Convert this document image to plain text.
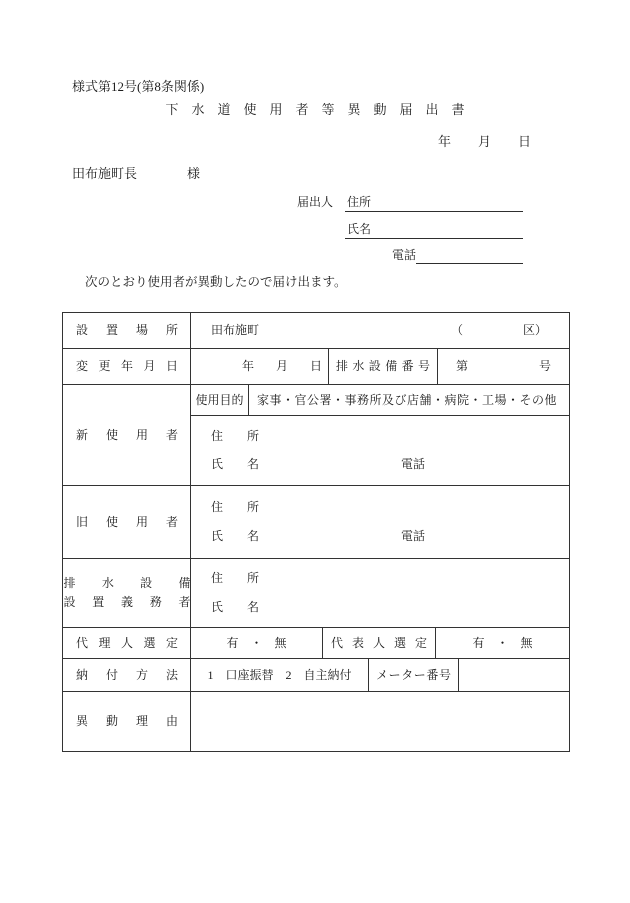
様式第12号(第8条関係)
下　水　道　使　用　者　等　異　動　届　出　書
年 月 日
田布施町長	様
届出人 住所
氏名
電話
次のとおり使用者が異動したので届け出ます。
設置場所	田布施町	（　　　　　区）
変更年月日	年 月 日	排水設備番号	第	号
新使用者
使用目的 家事・官公署・事務所及び店舗・病院・工場・その他
住　　所
氏　　名	電話
旧使用者
住　　所
氏　　名	電話
排水設備
設置義務者
住　　所
氏　　名
代理人選定	有　・　無	代表人選定	有　・　無
納付方法	1　口座振替　2　自主納付	メーター番号
異動理由
